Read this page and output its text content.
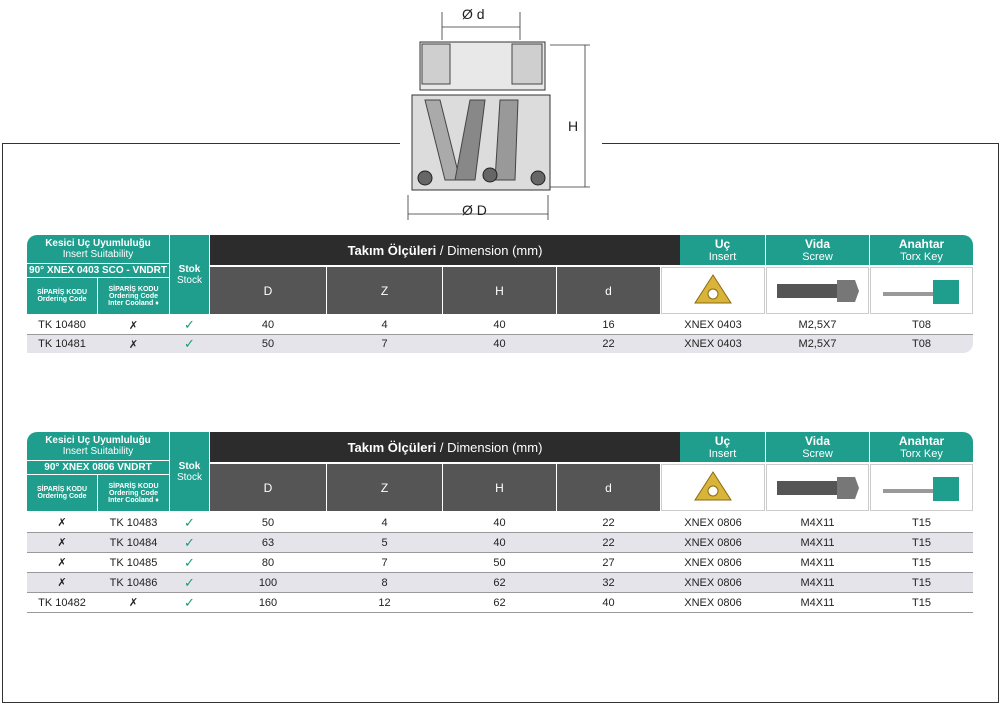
Ø d
Ø D
H
Kesici Uç Uyumluluğu
Insert Suitability
90° XNEX 0403 SCO - VNDRT
SİPARİŞ KODU
Ordering Code
SİPARİŞ KODU
Ordering Code
Inter Cooland ♦
Stok
Stock
Takım Ölçüleri
/ Dimension (mm)	Uç
Insert
Vida
Screw
Anahtar
Torx Key
D	Z	H	d
TK 10480	✗	✓	40	4	40	16	XNEX 0403	M2,5X7	T08
TK 10481	✗	✓	50	7	40	22	XNEX 0403	M2,5X7	T08
Kesici Uç Uyumluluğu
Insert Suitability
90° XNEX 0806 VNDRT
SİPARİŞ KODU
Ordering Code
SİPARİŞ KODU
Ordering Code
Inter Cooland ♦
Stok
Stock
Takım Ölçüleri
/ Dimension (mm)	Uç
Insert
Vida
Screw
Anahtar
Torx Key
D	Z	H	d
✗	TK 10483	✓	50	4	40	22	XNEX 0806	M4X11	T15
✗	TK 10484	✓	63	5	40	22	XNEX 0806	M4X11	T15
✗	TK 10485	✓	80	7	50	27	XNEX 0806	M4X11	T15
✗	TK 10486	✓	100	8	62	32	XNEX 0806	M4X11	T15
TK 10482	✗	✓	160	12	62	40	XNEX 0806	M4X11	T15
